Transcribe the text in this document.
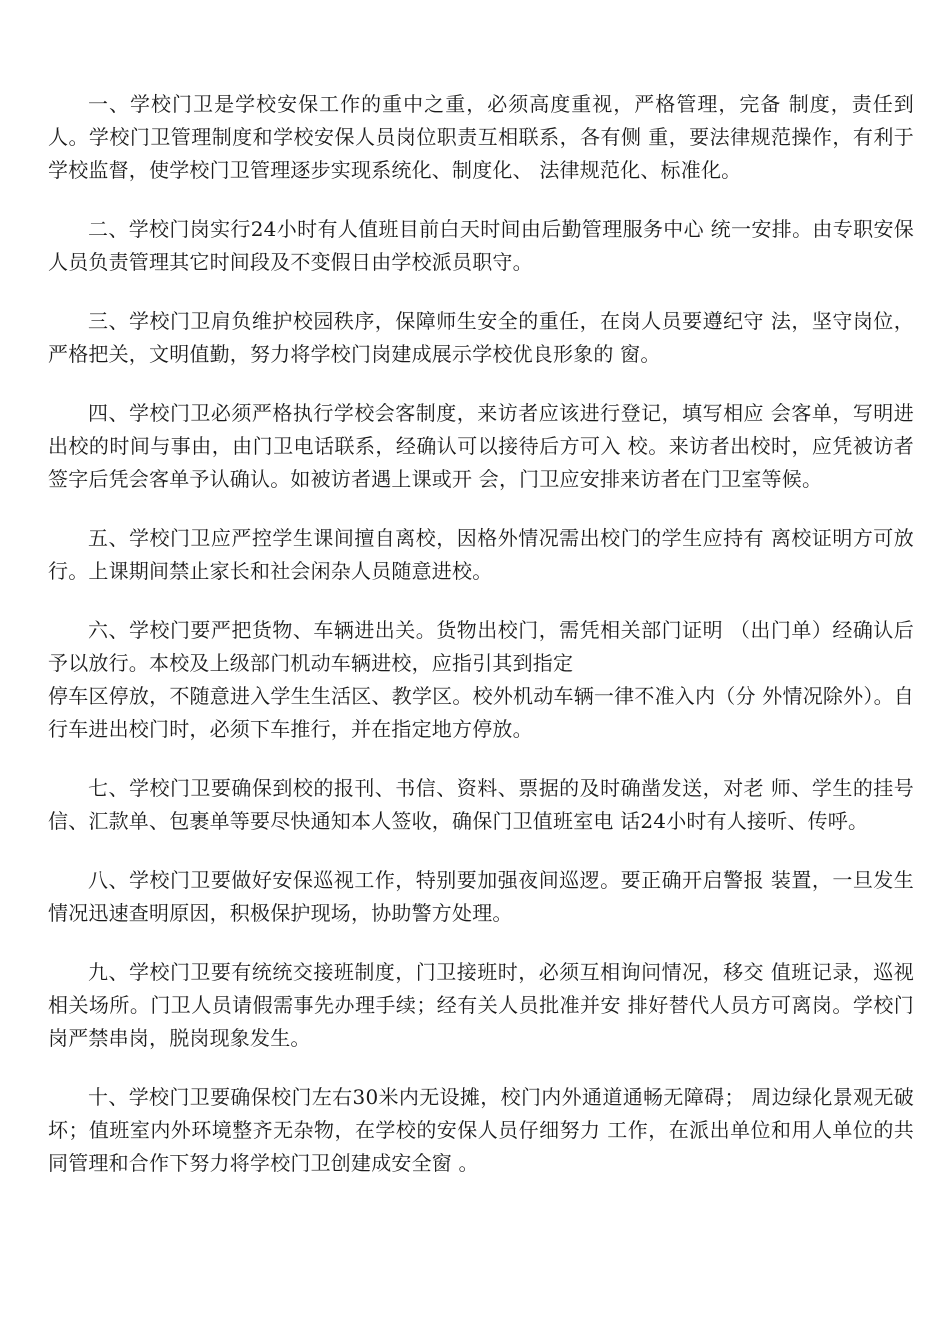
一、学校门卫是学校安保工作的重中之重，必须高度重视，严格管理，完备 制度，责任到人。学校门卫管理制度和学校安保人员岗位职责互相联系，各有侧 重，要法律规范操作，有利于学校监督，使学校门卫管理逐步实现系统化、制度化、 法律规范化、标准化。

二、学校门岗实行24小时有人值班目前白天时间由后勤管理服务中心 统一安排。由专职安保人员负责管理其它时间段及不变假日由学校派员职守。

三、学校门卫肩负维护校园秩序，保障师生安全的重任，在岗人员要遵纪守 法，坚守岗位，严格把关，文明值勤，努力将学校门岗建成展示学校优良形象的 窗。

四、学校门卫必须严格执行学校会客制度，来访者应该进行登记，填写相应 会客单，写明进出校的时间与事由，由门卫电话联系，经确认可以接待后方可入 校。来访者出校时，应凭被访者签字后凭会客单予认确认。如被访者遇上课或开 会，门卫应安排来访者在门卫室等候。

五、学校门卫应严控学生课间擅自离校，因格外情况需出校门的学生应持有 离校证明方可放行。上课期间禁止家长和社会闲杂人员随意进校。

六、学校门要严把货物、车辆进出关。货物出校门，需凭相关部门证明 （出门单）经确认后予以放行。本校及上级部门机动车辆进校，应指引其到指定
停车区停放，不随意进入学生生活区、教学区。校外机动车辆一律不准入内（分 外情况除外）。自行车进出校门时，必须下车推行，并在指定地方停放。

七、学校门卫要确保到校的报刊、书信、资料、票据的及时确凿发送，对老 师、学生的挂号信、汇款单、包裹单等要尽快通知本人签收，确保门卫值班室电 话24小时有人接听、传呼。

八、学校门卫要做好安保巡视工作，特别要加强夜间巡逻。要正确开启警报 装置，一旦发生情况迅速查明原因，积极保护现场，协助警方处理。

九、学校门卫要有统统交接班制度，门卫接班时，必须互相询问情况，移交 值班记录，巡视相关场所。门卫人员请假需事先办理手续；经有关人员批准并安 排好替代人员方可离岗。学校门岗严禁串岗，脱岗现象发生。

十、学校门卫要确保校门左右30米内无设摊，校门内外通道通畅无障碍； 周边绿化景观无破坏；值班室内外环境整齐无杂物，在学校的安保人员仔细努力 工作，在派出单位和用人单位的共同管理和合作下努力将学校门卫创建成安全窗 。
